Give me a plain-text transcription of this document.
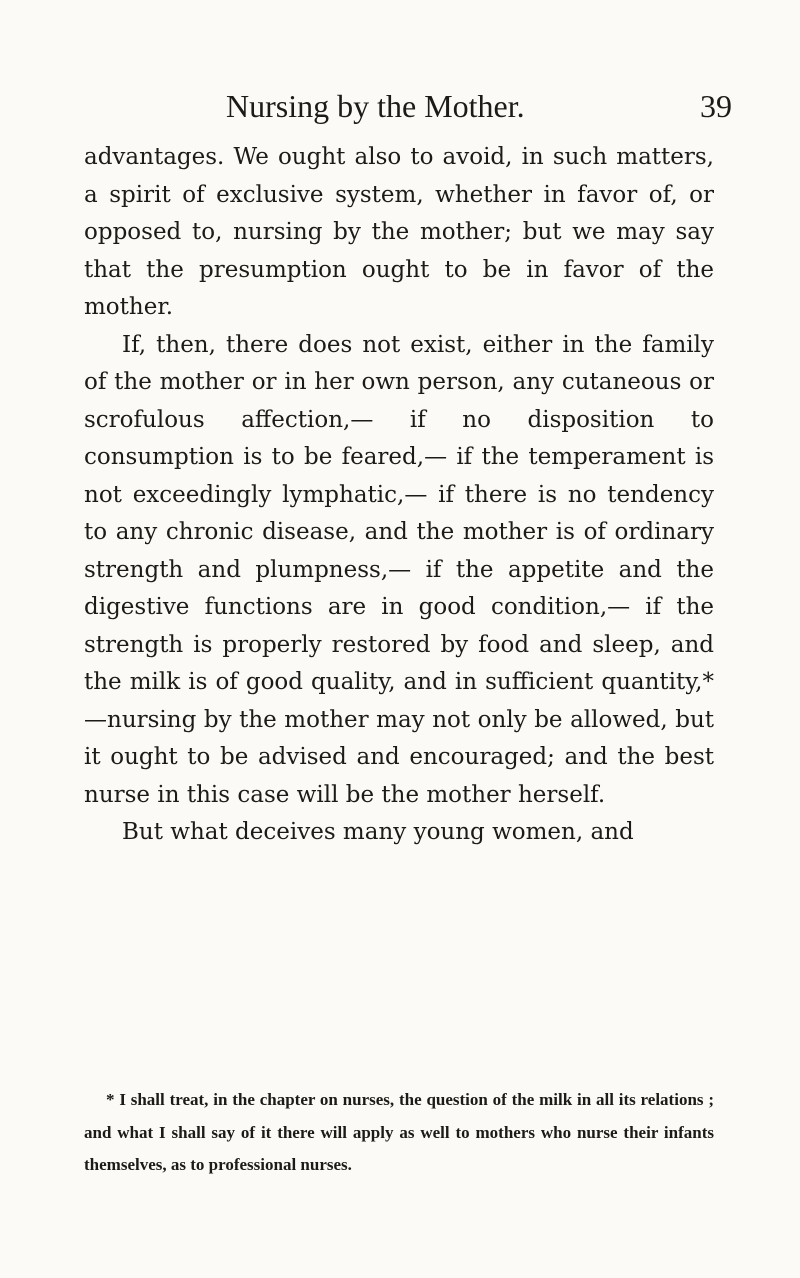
Nursing by the Mother.	39

advantages. We ought also to avoid, in such matters, a spirit of exclusive system, whether in favor of, or opposed to, nursing by the mother; but we may say that the presumption ought to be in favor of the mother.

If, then, there does not exist, either in the family of the mother or in her own person, any cutaneous or scrofulous affection,— if no disposition to consumption is to be feared,— if the temperament is not exceedingly lymphatic,— if there is no tendency to any chronic disease, and the mother is of ordinary strength and plumpness,— if the appetite and the digestive functions are in good condition,— if the strength is properly restored by food and sleep, and the milk is of good quality, and in sufficient quantity,* —nursing by the mother may not only be allowed, but it ought to be advised and encouraged; and the best nurse in this case will be the mother herself.

But what deceives many young women, and

* I shall treat, in the chapter on nurses, the question of the milk in all its relations ; and what I shall say of it there will apply as well to mothers who nurse their infants themselves, as to professional nurses.
